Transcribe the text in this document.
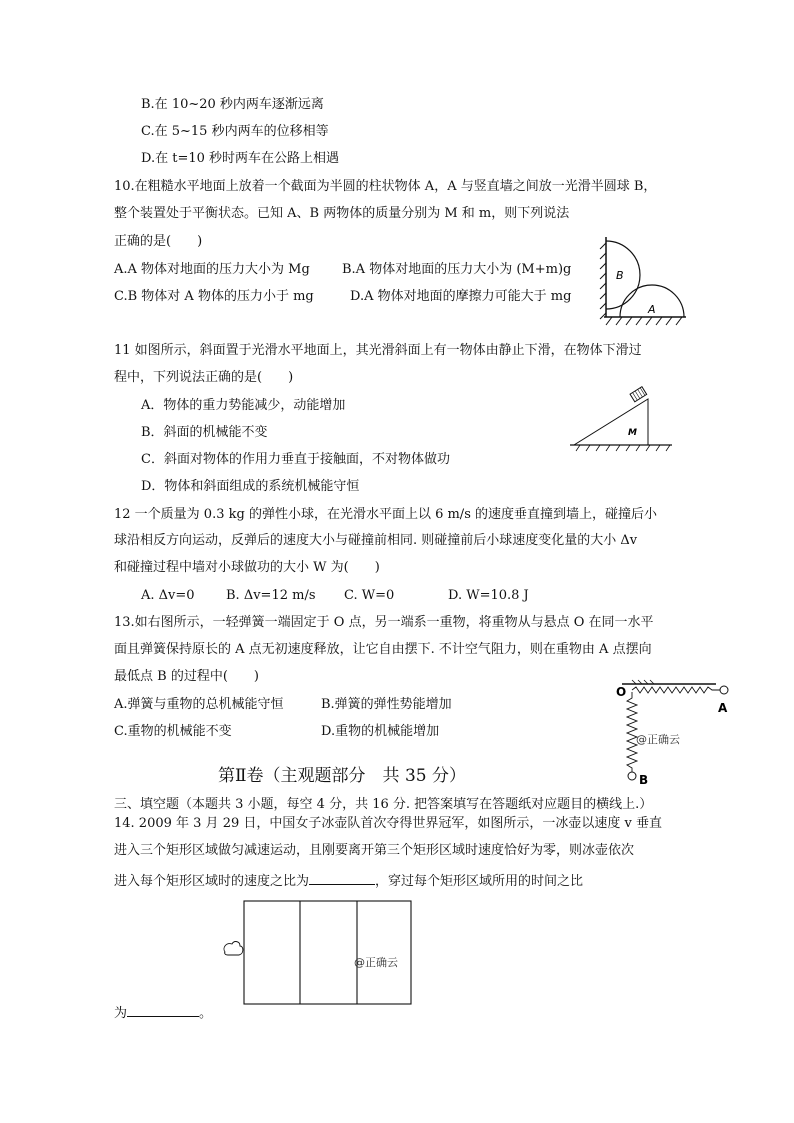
B.在 10~20 秒内两车逐渐远离
C.在 5~15 秒内两车的位移相等
D.在 t=10 秒时两车在公路上相遇
10.在粗糙水平地面上放着一个截面为半圆的柱状物体 A，A 与竖直墙之间放一光滑半圆球 B，
整个装置处于平衡状态。已知 A、B 两物体的质量分别为 M 和 m，则下列说法
正确的是(　　)
A.A 物体对地面的压力大小为 Mg B.A 物体对地面的压力大小为 (M+m)g
C.B 物体对 A 物体的压力小于 mg	D.A 物体对地面的摩擦力可能大于 mg
B
A
11 如图所示，斜面置于光滑水平地面上，其光滑斜面上有一物体由静止下滑，在物体下滑过
程中，下列说法正确的是(　　)
A．物体的重力势能减少，动能增加
B．斜面的机械能不变
C．斜面对物体的作用力垂直于接触面，不对物体做功
D．物体和斜面组成的系统机械能守恒
M
12 一个质量为 0.3 kg 的弹性小球，在光滑水平面上以 6 m/s 的速度垂直撞到墙上，碰撞后小
球沿相反方向运动，反弹后的速度大小与碰撞前相同. 则碰撞前后小球速度变化量的大小 Δv
和碰撞过程中墙对小球做功的大小 W 为(　　)
A. Δv=0 B. Δv=12 m/s C. W=0	D. W=10.8 J
13.如右图所示，一轻弹簧一端固定于 O 点，另一端系一重物，将重物从与悬点 O 在同一水平
面且弹簧保持原长的 A 点无初速度释放，让它自由摆下. 不计空气阻力，则在重物由 A 点摆向
最低点 B 的过程中(　　)
A.弹簧与重物的总机械能守恒	B.弹簧的弹性势能增加
C.重物的机械能不变	D.重物的机械能增加
O
A
B
@正确云
第Ⅱ卷（主观题部分　共 35 分）
三、填空题（本题共 3 小题，每空 4 分，共 16 分. 把答案填写在答题纸对应题目的横线上.）
14. 2009 年 3 月 29 日，中国女子冰壶队首次夺得世界冠军，如图所示，一冰壶以速度 v 垂直
进入三个矩形区域做匀减速运动，且刚要离开第三个矩形区域时速度恰好为零，则冰壶依次
进入每个矩形区域时的速度之比为	，穿过每个矩形区域所用的时间之比
@正确云
为	。
